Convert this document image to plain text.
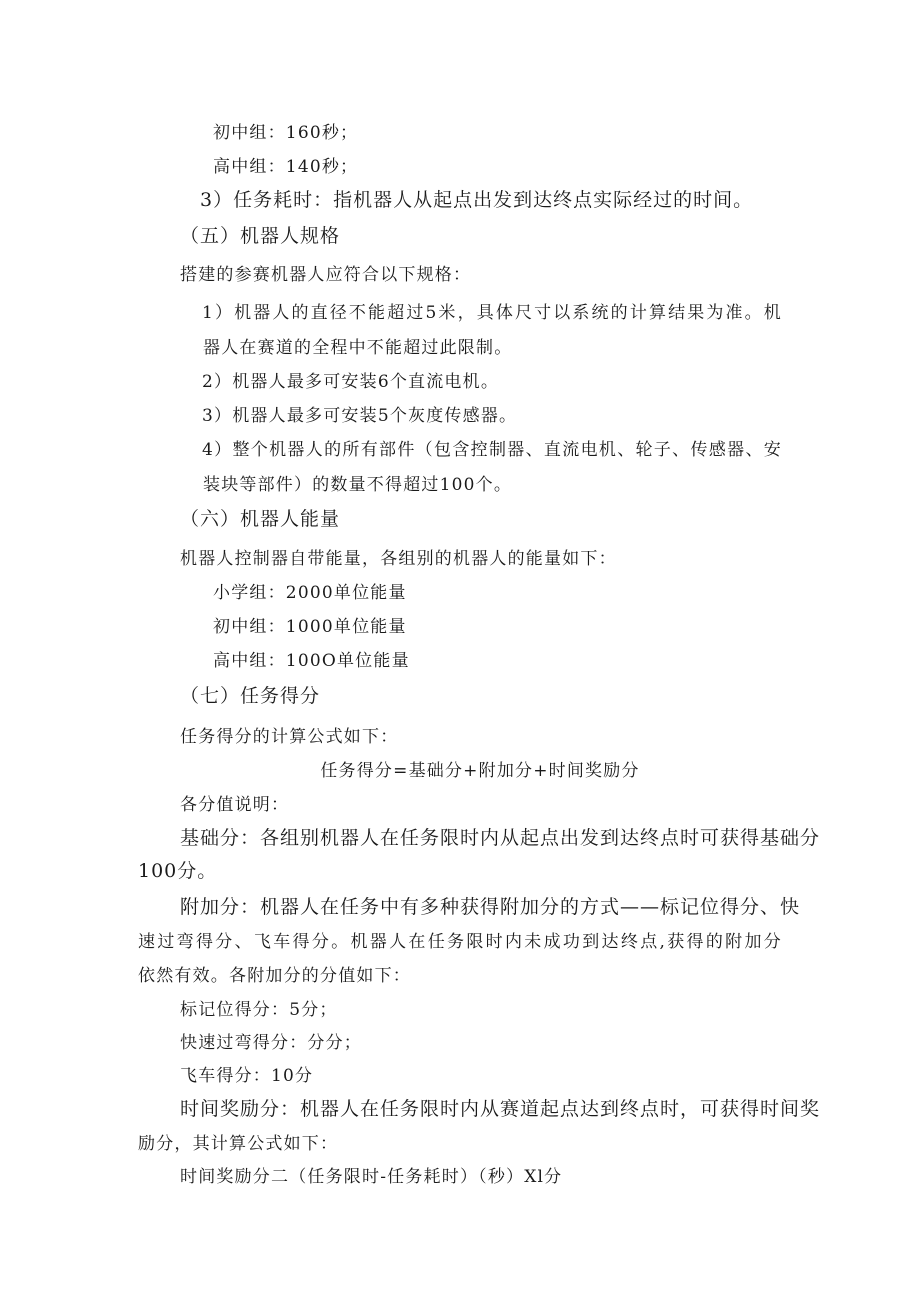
初中组：160秒；
高中组：140秒；
3）任务耗时：指机器人从起点出发到达终点实际经过的时间。
（五）机器人规格
搭建的参赛机器人应符合以下规格：
1）机器人的直径不能超过5米，具体尺寸以系统的计算结果为准。机
器人在赛道的全程中不能超过此限制。
2）机器人最多可安装6个直流电机。
3）机器人最多可安装5个灰度传感器。
4）整个机器人的所有部件（包含控制器、直流电机、轮子、传感器、安
装块等部件）的数量不得超过100个。
（六）机器人能量
机器人控制器自带能量，各组别的机器人的能量如下：
小学组：2000单位能量
初中组：1000单位能量
高中组：100O单位能量
（七）任务得分
任务得分的计算公式如下：
任务得分=基础分+附加分+时间奖励分
各分值说明：
基础分：各组别机器人在任务限时内从起点出发到达终点时可获得基础分
100分。
附加分：机器人在任务中有多种获得附加分的方式——标记位得分、快
速过弯得分、飞车得分。机器人在任务限时内未成功到达终点,获得的附加分
依然有效。各附加分的分值如下：
标记位得分：5分；
快速过弯得分：分分；
飞车得分：10分
时间奖励分：机器人在任务限时内从赛道起点达到终点时，可获得时间奖
励分，其计算公式如下：
时间奖励分二（任务限时-任务耗时）（秒）Xl分
